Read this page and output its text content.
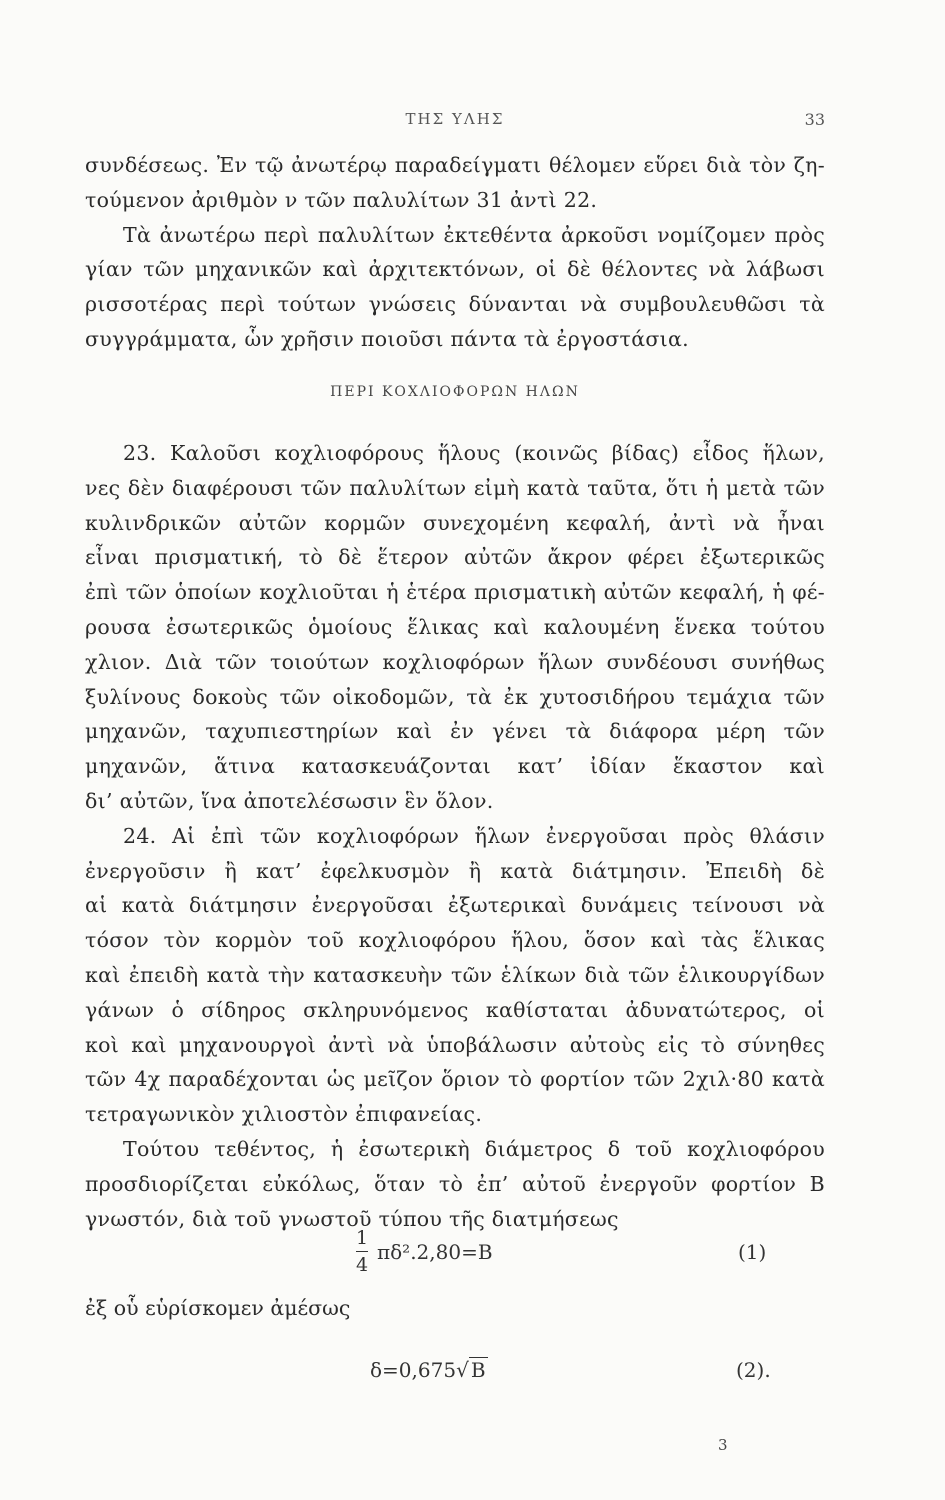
ΤΗΣ ΥΛΗΣ	33
συνδέσεως. Ἐν τῷ ἀνωτέρῳ παραδείγματι θέλομεν εὕρει διὰ τὸν ζη-
τούμενον ἀριθμὸν ν τῶν παλυλίτων 31 ἀντὶ 22.
Τὰ ἀνωτέρω περὶ παλυλίτων ἐκτεθέντα ἀρκοῦσι νομίζομεν πρὸς
γίαν τῶν μηχανικῶν καὶ ἀρχιτεκτόνων, οἱ δὲ θέλοντες νὰ λάβωσι
ρισσοτέρας περὶ τούτων γνώσεις δύνανται νὰ συμβουλευθῶσι τὰ
συγγράμματα, ὧν χρῆσιν ποιοῦσι πάντα τὰ ἐργοστάσια.
ΠΕΡΙ ΚΟΧΛΙΟΦΟΡΩΝ ΗΛΩΝ
23. Καλοῦσι κοχλιοφόρους ἥλους (κοινῶς βίδας) εἶδος ἥλων,
νες δὲν διαφέρουσι τῶν παλυλίτων εἰμὴ κατὰ ταῦτα, ὅτι ἡ μετὰ τῶν
κυλινδρικῶν αὐτῶν κορμῶν συνεχομένη κεφαλή, ἀντὶ νὰ ἦναι
εἶναι πρισματική, τὸ δὲ ἕτερον αὐτῶν ἄκρον φέρει ἐξωτερικῶς
ἐπὶ τῶν ὁποίων κοχλιοῦται ἡ ἑτέρα πρισματικὴ αὐτῶν κεφαλή, ἡ φέ-
ρουσα ἐσωτερικῶς ὁμοίους ἕλικας καὶ καλουμένη ἕνεκα τούτου
χλιον. Διὰ τῶν τοιούτων κοχλιοφόρων ἥλων συνδέουσι συνήθως
ξυλίνους δοκοὺς τῶν οἰκοδομῶν, τὰ ἐκ χυτοσιδήρου τεμάχια τῶν
μηχανῶν, ταχυπιεστηρίων καὶ ἐν γένει τὰ διάφορα μέρη τῶν
μηχανῶν, ἅτινα κατασκευάζονται κατ’ ἰδίαν ἕκαστον καὶ
δι’ αὐτῶν, ἵνα ἀποτελέσωσιν ἓν ὅλον.
24. Αἱ ἐπὶ τῶν κοχλιοφόρων ἥλων ἐνεργοῦσαι πρὸς θλάσιν
ἐνεργοῦσιν ἢ κατ’ ἐφελκυσμὸν ἢ κατὰ διάτμησιν. Ἐπειδὴ δὲ
αἱ κατὰ διάτμησιν ἐνεργοῦσαι ἐξωτερικαὶ δυνάμεις τείνουσι νὰ
τόσον τὸν κορμὸν τοῦ κοχλιοφόρου ἥλου, ὅσον καὶ τὰς ἕλικας
καὶ ἐπειδὴ κατὰ τὴν κατασκευὴν τῶν ἑλίκων διὰ τῶν ἑλικουργίδων
γάνων ὁ σίδηρος σκληρυνόμενος καθίσταται ἀδυνατώτερος, οἱ
κοὶ καὶ μηχανουργοὶ ἀντὶ νὰ ὑποβάλωσιν αὐτοὺς εἰς τὸ σύνηθες
τῶν 4χ παραδέχονται ὡς μεῖζον ὅριον τὸ φορτίον τῶν 2χιλ·80 κατὰ
τετραγωνικὸν χιλιοστὸν ἐπιφανείας.
Τούτου τεθέντος, ἡ ἐσωτερικὴ διάμετρος δ τοῦ κοχλιοφόρου
προσδιορίζεται εὐκόλως, ὅταν τὸ ἐπ’ αὐτοῦ ἐνεργοῦν φορτίον Β
γνωστόν, διὰ τοῦ γνωστοῦ τύπου τῆς διατμήσεως
1
4
πδ².2,80=Β	(1)
ἐξ οὗ εὑρίσκομεν ἀμέσως
δ=0,675√ Β	(2).
3
